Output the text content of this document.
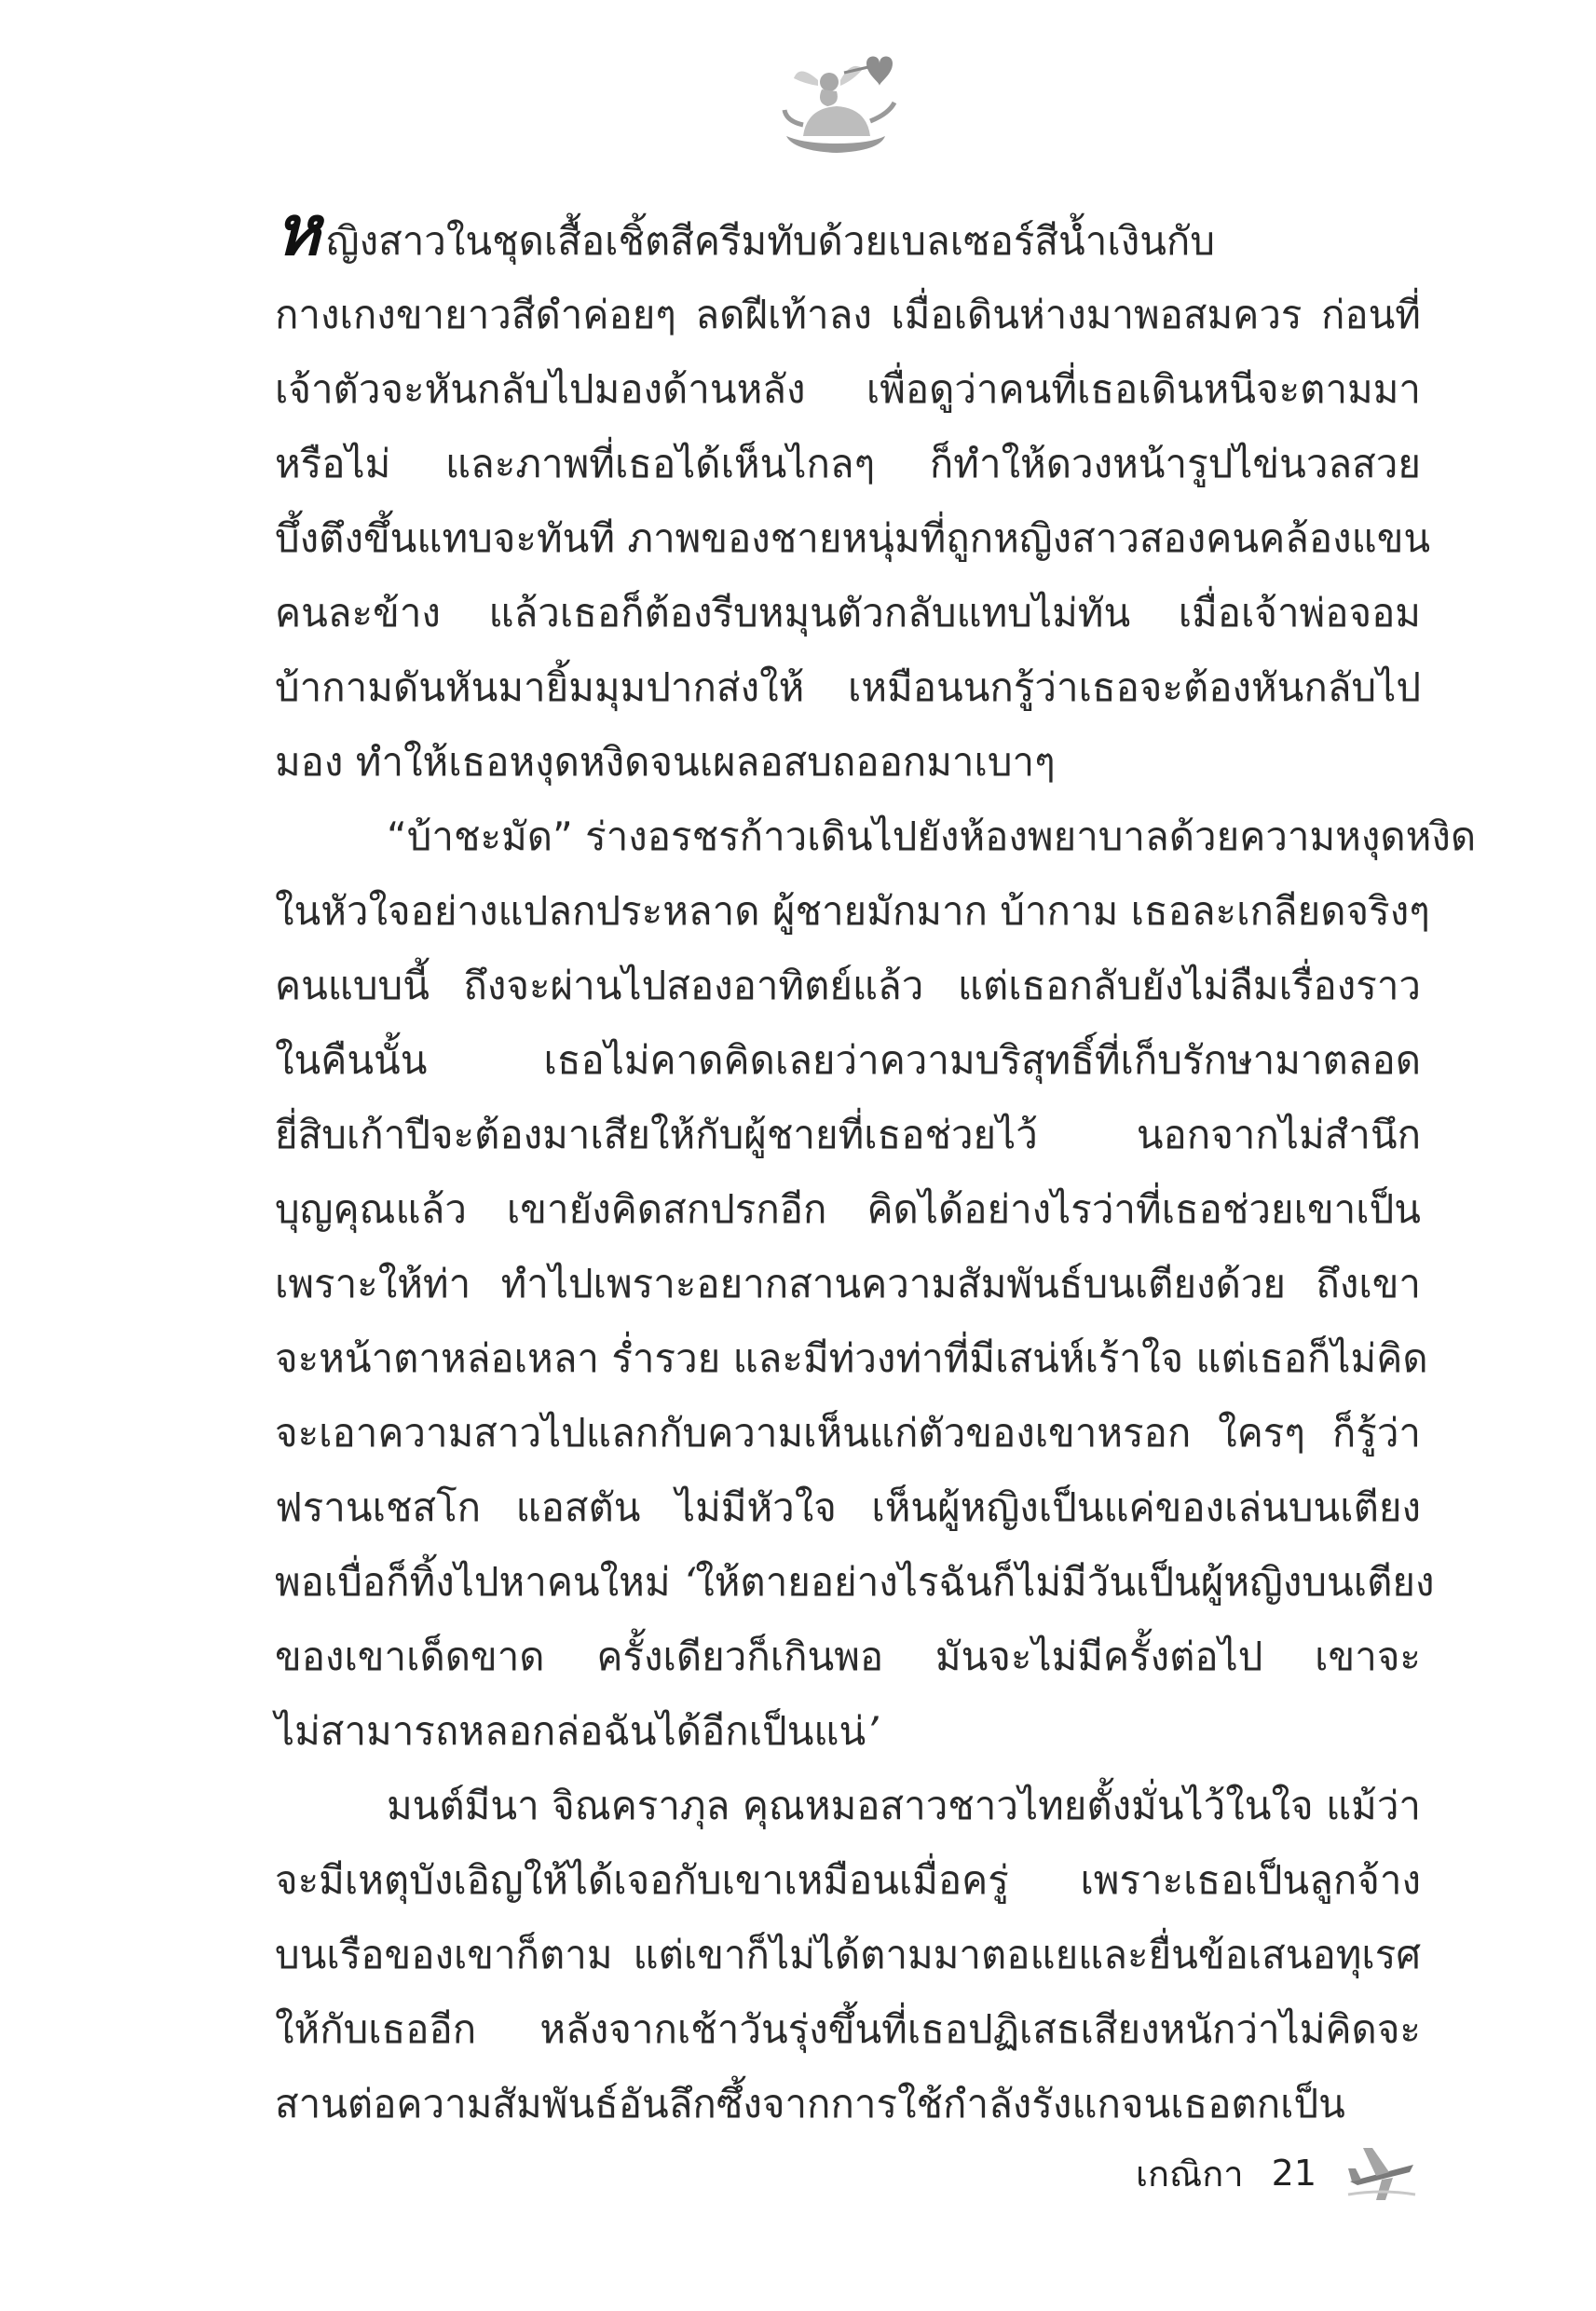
หญิงสาวในชุดเสื้อเชิ้ตสีครีมทับด้วยเบลเซอร์สีน้ำเงินกับ
กางเกงขายาวสีดำค่อยๆ ลดฝีเท้าลง เมื่อเดินห่างมาพอสมควร ก่อนที่
เจ้าตัวจะหันกลับไปมองด้านหลัง เพื่อดูว่าคนที่เธอเดินหนีจะตามมา
หรือไม่ และภาพที่เธอได้เห็นไกลๆ ก็ทำให้ดวงหน้ารูปไข่นวลสวย
บึ้งตึงขึ้นแทบจะทันที ภาพของชายหนุ่มที่ถูกหญิงสาวสองคนคล้องแขน
คนละข้าง แล้วเธอก็ต้องรีบหมุนตัวกลับแทบไม่ทัน เมื่อเจ้าพ่อจอม
บ้ากามดันหันมายิ้มมุมปากส่งให้ เหมือนนกรู้ว่าเธอจะต้องหันกลับไป
มอง ทำให้เธอหงุดหงิดจนเผลอสบถออกมาเบาๆ
“บ้าชะมัด” ร่างอรชรก้าวเดินไปยังห้องพยาบาลด้วยความหงุดหงิด
ในหัวใจอย่างแปลกประหลาด ผู้ชายมักมาก บ้ากาม เธอละเกลียดจริงๆ
คนแบบนี้ ถึงจะผ่านไปสองอาทิตย์แล้ว แต่เธอกลับยังไม่ลืมเรื่องราว
ในคืนนั้น เธอไม่คาดคิดเลยว่าความบริสุทธิ์ที่เก็บรักษามาตลอด
ยี่สิบเก้าปีจะต้องมาเสียให้กับผู้ชายที่เธอช่วยไว้ นอกจากไม่สำนึก
บุญคุณแล้ว เขายังคิดสกปรกอีก คิดได้อย่างไรว่าที่เธอช่วยเขาเป็น
เพราะให้ท่า ทำไปเพราะอยากสานความสัมพันธ์บนเตียงด้วย ถึงเขา
จะหน้าตาหล่อเหลา ร่ำรวย และมีท่วงท่าที่มีเสน่ห์เร้าใจ แต่เธอก็ไม่คิด
จะเอาความสาวไปแลกกับความเห็นแก่ตัวของเขาหรอก ใครๆ ก็รู้ว่า
ฟรานเชสโก แอสตัน ไม่มีหัวใจ เห็นผู้หญิงเป็นแค่ของเล่นบนเตียง
พอเบื่อก็ทิ้งไปหาคนใหม่ ‘ให้ตายอย่างไรฉันก็ไม่มีวันเป็นผู้หญิงบนเตียง
ของเขาเด็ดขาด ครั้งเดียวก็เกินพอ มันจะไม่มีครั้งต่อไป เขาจะ
ไม่สามารถหลอกล่อฉันได้อีกเป็นแน่’
มนต์มีนา จิณคราภุล คุณหมอสาวชาวไทยตั้งมั่นไว้ในใจ แม้ว่า
จะมีเหตุบังเอิญให้ได้เจอกับเขาเหมือนเมื่อครู่ เพราะเธอเป็นลูกจ้าง
บนเรือของเขาก็ตาม แต่เขาก็ไม่ได้ตามมาตอแยและยื่นข้อเสนอทุเรศ
ให้กับเธออีก หลังจากเช้าวันรุ่งขึ้นที่เธอปฏิเสธเสียงหนักว่าไม่คิดจะ
สานต่อความสัมพันธ์อันลึกซึ้งจากการใช้กำลังรังแกจนเธอตกเป็น
เกณิกา 21
